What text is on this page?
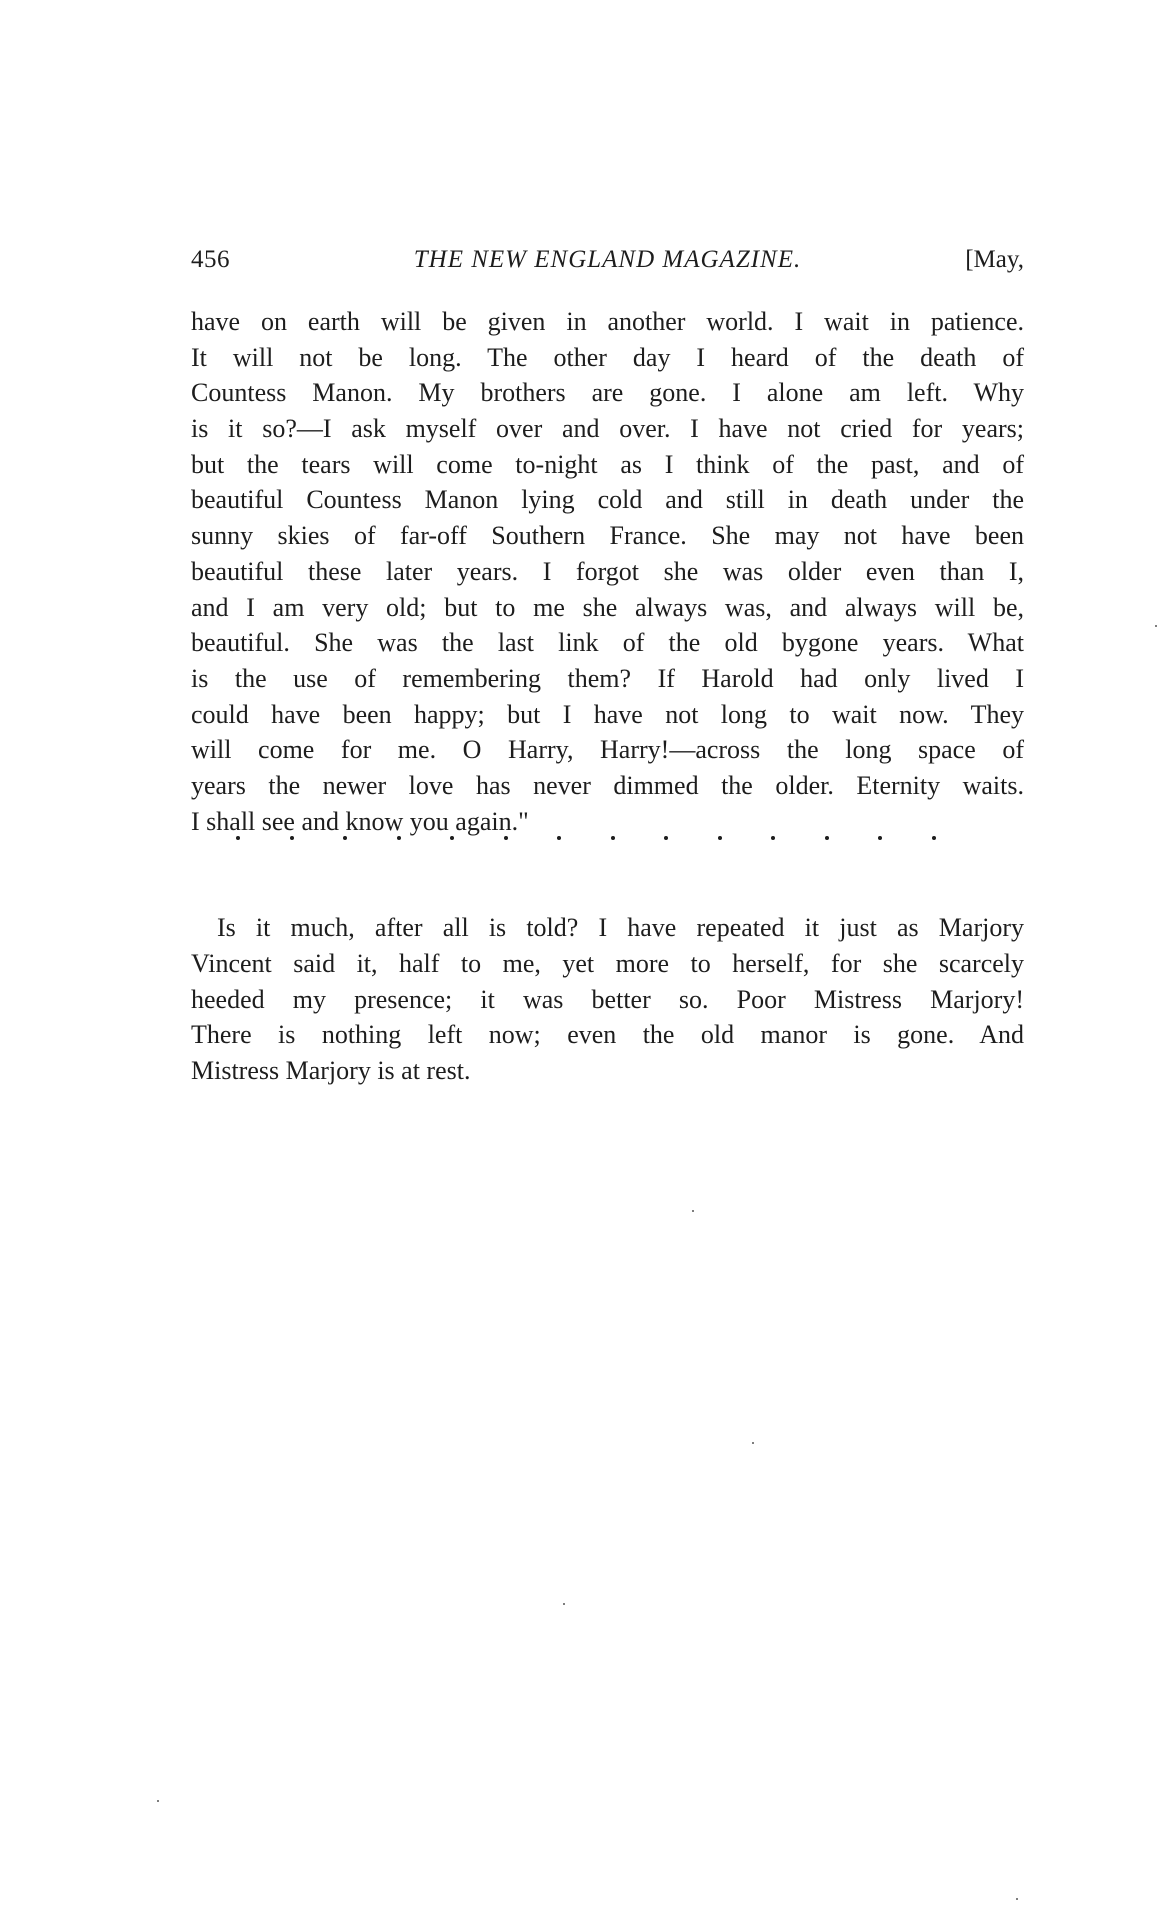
456	THE NEW ENGLAND MAGAZINE.	[May,
have on earth will be given in another world. I wait in patience.
It will not be long. The other day I heard of the death of
Countess Manon. My brothers are gone. I alone am left. Why
is it so?—I ask myself over and over. I have not cried for years;
but the tears will come to-night as I think of the past, and of
beautiful Countess Manon lying cold and still in death under the
sunny skies of far-off Southern France. She may not have been
beautiful these later years. I forgot she was older even than I,
and I am very old; but to me she always was, and always will be,
beautiful. She was the last link of the old bygone years. What
is the use of remembering them? If Harold had only lived I
could have been happy; but I have not long to wait now. They
will come for me. O Harry, Harry!—across the long space of
years the newer love has never dimmed the older. Eternity waits.
I shall see and know you again."
Is it much, after all is told? I have repeated it just as Marjory
Vincent said it, half to me, yet more to herself, for she scarcely
heeded my presence; it was better so. Poor Mistress Marjory!
There is nothing left now; even the old manor is gone. And
Mistress Marjory is at rest.
